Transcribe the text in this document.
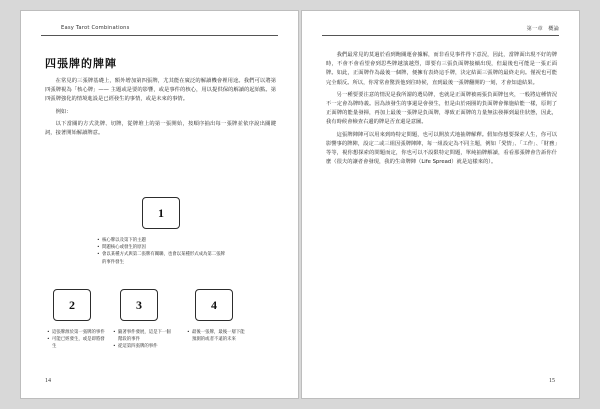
Easy Tarot Combinations
四張牌的牌陣

在常見的三張牌基礎上，額外增加第四張牌，尤其能在廣泛的解讀機會裡用途。我們可以將第四張牌視為「核心牌」—— 主題或是要的影響，或是事件的核心，用以提供保的解讀的起始點。第四張牌強化的情境進設是已經發生的事情，或是未來的事情。

例如：

以下當關的方式洗牌、切牌，從牌堆上的第一張開始，按順序抽出每一張牌並依序說出關鍵詞，接著開始解讀牌意。

1
• 核心牌以及第下的主題
• 問題核心或發生的原因
• 會以某種方式與第二張牌有關聯，也會以某種形式成為第二張牌的事件發生
2
• 這張牌源於第一張牌的事件
• 可能已經發生，或是即將發生
3
• 隨著事件發展，這是下一個階段的事件
• 從這第四張牌的事件
4
• 最後一張牌，最後一層下能預測的或者不遠的未來
14
第一章　概論

我們最常見的莫過於看到飽關運會據解，而非看見事件得下意況，因此，當牌面出現不好的牌時，不會不會看望會到思些牌越演越烈，即要有三張負面牌接續出現，但最後也可能是一張正面牌。如此，正面牌作為最後一個牌，便擁有表終這手牌，決定結面三張牌的最終走向。僅祝也可能完全顛反。所以，你常常會驚異他到往時候，直到最後一張牌翻開的一刻，才會知道結果。

另一種要要注意的情況是我所謂的選局牌，也就是正面牌被兩張負面牌包夾，一般將這種情況不一定會為牌時義。因為該發生的事還是會發生，但是由於兩圈的負面牌會像施給能一樣，原則了正面牌的能量發揮，再加上最後一張牌是負面牌，導致正面牌的力量無法發揮到最佳狀態，因此，我有時候會檢查右邊的牌是否直還是意圖。

這張牌陣陣可以用來到時特定問題，也可以開放式地抽牌解釋。假如你想要探索人生，你可以影響事的牌陣，設定二或三組因張牌陣陣，每一組設定為不同主題，例如「愛情」、「工作」、「財務」等等，視你想探索的問題而定，你也可以不設限特定問題，單純抽牌解讀，看看那張牌會告訴你什麼（很夫的讓者會發現，我的生命牌陣（Life Spread）就是這樣來的）。

15
